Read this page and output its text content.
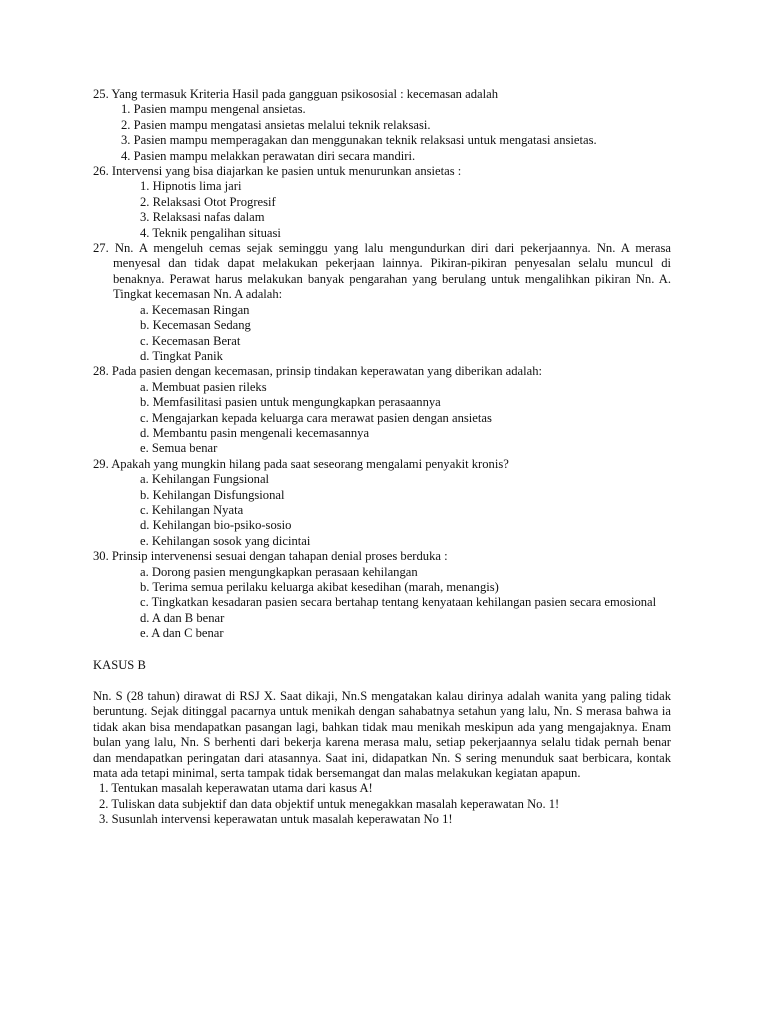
25. Yang termasuk Kriteria Hasil pada gangguan psikososial : kecemasan adalah
1. Pasien mampu mengenal ansietas.
2. Pasien mampu mengatasi ansietas melalui teknik relaksasi.
3. Pasien mampu memperagakan dan menggunakan teknik relaksasi untuk mengatasi ansietas.
4. Pasien mampu melakkan perawatan diri secara mandiri.
26. Intervensi yang bisa diajarkan ke pasien untuk menurunkan ansietas :
1. Hipnotis lima jari
2. Relaksasi Otot Progresif
3. Relaksasi nafas dalam
4. Teknik pengalihan situasi
27. Nn. A mengeluh cemas sejak seminggu yang lalu mengundurkan diri dari pekerjaannya. Nn. A merasa menyesal dan tidak dapat melakukan pekerjaan lainnya. Pikiran-pikiran penyesalan selalu muncul di benaknya. Perawat harus melakukan banyak pengarahan yang berulang untuk mengalihkan pikiran Nn. A. Tingkat kecemasan Nn. A adalah:
a. Kecemasan Ringan
b. Kecemasan Sedang
c. Kecemasan Berat
d. Tingkat Panik
28. Pada pasien dengan kecemasan, prinsip tindakan keperawatan yang diberikan adalah:
a. Membuat pasien rileks
b. Memfasilitasi pasien untuk mengungkapkan perasaannya
c. Mengajarkan kepada keluarga cara merawat pasien dengan ansietas
d. Membantu pasin mengenali kecemasannya
e. Semua benar
29. Apakah yang mungkin hilang pada saat seseorang mengalami penyakit kronis?
a. Kehilangan Fungsional
b. Kehilangan Disfungsional
c. Kehilangan Nyata
d. Kehilangan bio-psiko-sosio
e. Kehilangan sosok yang dicintai
30. Prinsip intervenensi sesuai dengan tahapan denial proses berduka :
a. Dorong pasien mengungkapkan perasaan kehilangan
b. Terima semua perilaku keluarga akibat kesedihan (marah, menangis)
c. Tingkatkan kesadaran pasien secara bertahap tentang kenyataan kehilangan pasien secara emosional
d. A dan B benar
e. A dan C benar
KASUS B

Nn. S (28 tahun) dirawat di RSJ X. Saat dikaji, Nn.S mengatakan kalau dirinya adalah wanita yang paling tidak beruntung. Sejak ditinggal pacarnya untuk menikah dengan sahabatnya setahun yang lalu, Nn. S merasa bahwa ia tidak akan bisa mendapatkan pasangan lagi, bahkan tidak mau menikah meskipun ada yang mengajaknya. Enam bulan yang lalu, Nn. S berhenti dari bekerja karena merasa malu, setiap pekerjaannya selalu tidak pernah benar dan mendapatkan peringatan dari atasannya. Saat ini, didapatkan Nn. S sering menunduk saat berbicara, kontak mata ada tetapi minimal, serta tampak tidak bersemangat dan malas melakukan kegiatan apapun.

1. Tentukan masalah keperawatan utama dari kasus A!
2. Tuliskan data subjektif dan data objektif untuk menegakkan masalah keperawatan No. 1!
3. Susunlah intervensi keperawatan untuk masalah keperawatan No 1!
